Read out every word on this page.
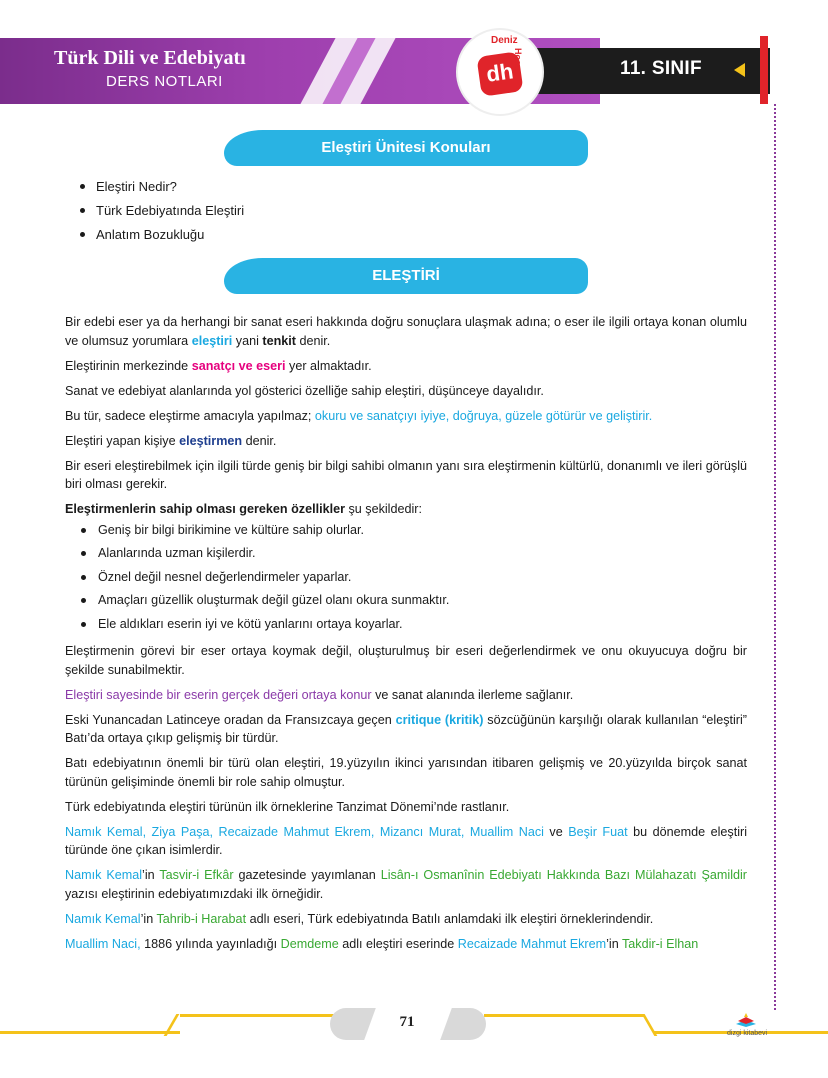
Türk Dili ve Edebiyatı
DERS NOTLARI
11. SINIF
dh
Deniz
Hoca
Eleştiri Ünitesi Konuları
Eleştiri Nedir?
Türk Edebiyatında Eleştiri
Anlatım Bozukluğu
ELEŞTİRİ

Bir edebi eser ya da herhangi bir sanat eseri hakkında doğru sonuçlara ulaşmak adına; o eser ile ilgili ortaya konan olumlu ve olumsuz yorumlara eleştiri yani tenkit denir.

Eleştirinin merkezinde sanatçı ve eseri yer almaktadır.

Sanat ve edebiyat alanlarında yol gösterici özelliğe sahip eleştiri, düşünceye dayalıdır.

Bu tür, sadece eleştirme amacıyla yapılmaz; okuru ve sanatçıyı iyiye, doğruya, güzele götürür ve geliştirir.

Eleştiri yapan kişiye eleştirmen denir.

Bir eseri eleştirebilmek için ilgili türde geniş bir bilgi sahibi olmanın yanı sıra eleştirmenin kültürlü, donanımlı ve ileri görüşlü biri olması gerekir.

Eleştirmenlerin sahip olması gereken özellikler şu şekildedir:

Geniş bir bilgi birikimine ve kültüre sahip olurlar.
Alanlarında uzman kişilerdir.
Öznel değil nesnel değerlendirmeler yaparlar.
Amaçları güzellik oluşturmak değil güzel olanı okura sunmaktır.
Ele aldıkları eserin iyi ve kötü yanlarını ortaya koyarlar.

Eleştirmenin görevi bir eser ortaya koymak değil, oluşturulmuş bir eseri değerlendirmek ve onu okuyucuya doğru bir şekilde sunabilmektir.

Eleştiri sayesinde bir eserin gerçek değeri ortaya konur ve sanat alanında ilerleme sağlanır.

Eski Yunancadan Latinceye oradan da Fransızcaya geçen critique (kritik) sözcüğünün karşılığı olarak kullanılan “eleştiri” Batı’da ortaya çıkıp gelişmiş bir türdür.

Batı edebiyatının önemli bir türü olan eleştiri, 19.yüzyılın ikinci yarısından itibaren gelişmiş ve 20.yüzyılda birçok sanat türünün gelişiminde önemli bir role sahip olmuştur.

Türk edebiyatında eleştiri türünün ilk örneklerine Tanzimat Dönemi’nde rastlanır.

Namık Kemal, Ziya Paşa, Recaizade Mahmut Ekrem, Mizancı Murat, Muallim Naci ve Beşir Fuat bu dönemde eleştiri türünde öne çıkan isimlerdir.

Namık Kemal’in Tasvir-i Efkâr gazetesinde yayımlanan Lisân-ı Osmanînin Edebiyatı Hakkında Bazı Mülahazatı Şamildir yazısı eleştirinin edebiyatımızdaki ilk örneğidir.

Namık Kemal’in Tahrib-i Harabat adlı eseri, Türk edebiyatında Batılı anlamdaki ilk eleştiri örneklerindendir.

Muallim Naci, 1886 yılında yayınladığı Demdeme adlı eleştiri eserinde Recaizade Mahmut Ekrem’in Takdir-i Elhan

71
dizgi kitabevi
